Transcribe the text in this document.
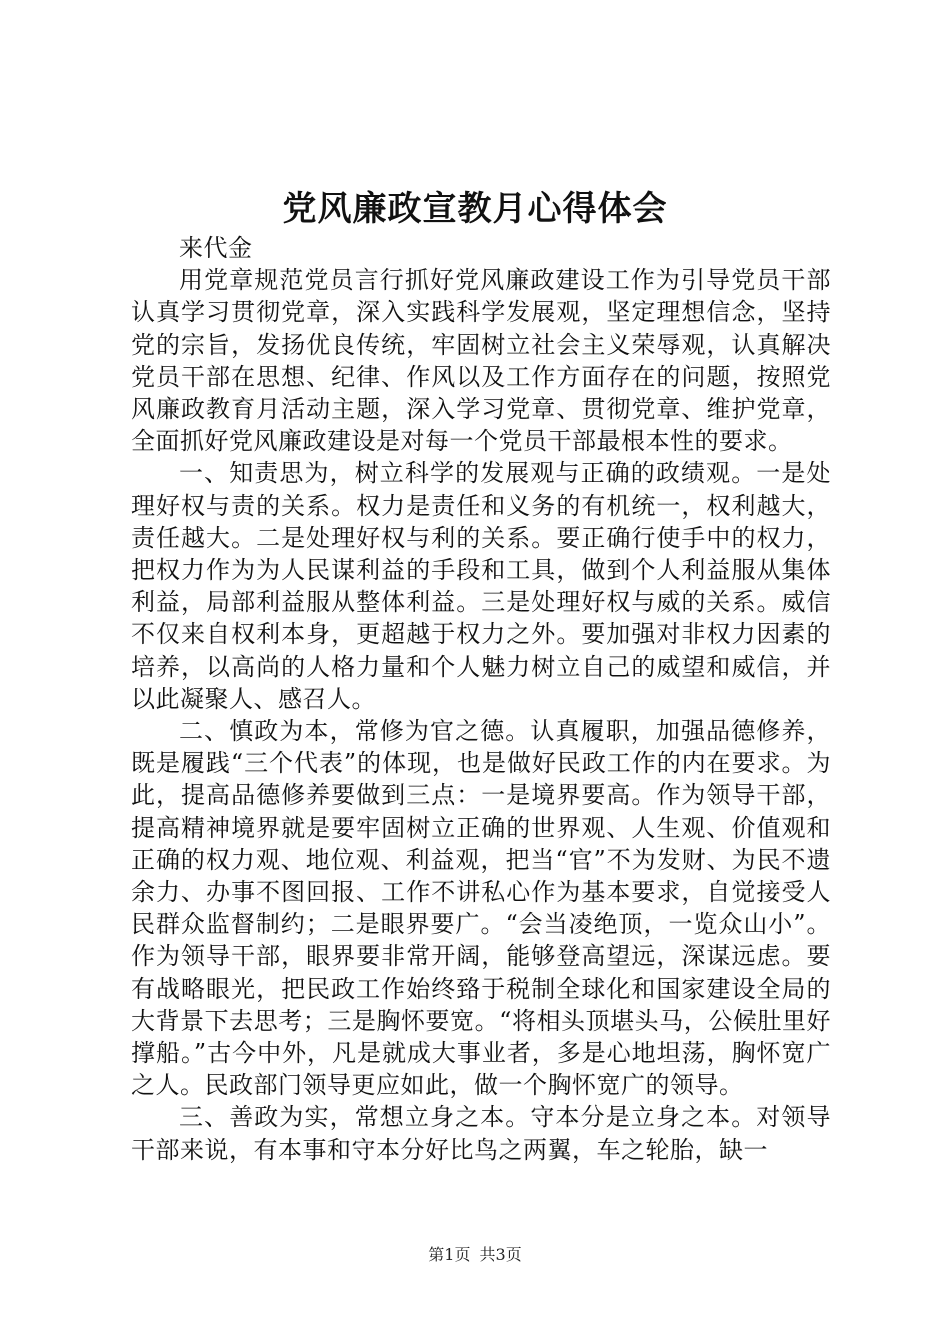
党风廉政宣教月心得体会
来代金

用党章规范党员言行抓好党风廉政建设工作为引导党员干部认真学习贯彻党章，深入实践科学发展观，坚定理想信念，坚持党的宗旨，发扬优良传统，牢固树立社会主义荣辱观，认真解决党员干部在思想、纪律、作风以及工作方面存在的问题，按照党风廉政教育月活动主题，深入学习党章、贯彻党章、维护党章，全面抓好党风廉政建设是对每一个党员干部最根本性的要求。

一、知责思为，树立科学的发展观与正确的政绩观。一是处理好权与责的关系。权力是责任和义务的有机统一，权利越大，责任越大。二是处理好权与利的关系。要正确行使手中的权力，把权力作为为人民谋利益的手段和工具，做到个人利益服从集体利益，局部利益服从整体利益。三是处理好权与威的关系。威信不仅来自权利本身，更超越于权力之外。要加强对非权力因素的培养，以高尚的人格力量和个人魅力树立自己的威望和威信，并以此凝聚人、感召人。

二、慎政为本，常修为官之德。认真履职，加强品德修养，既是履践“三个代表”的体现，也是做好民政工作的内在要求。为此，提高品德修养要做到三点：一是境界要高。作为领导干部，提高精神境界就是要牢固树立正确的世界观、人生观、价值观和正确的权力观、地位观、利益观，把当“官”不为发财、为民不遗余力、办事不图回报、工作不讲私心作为基本要求，自觉接受人民群众监督制约；二是眼界要广。“会当凌绝顶，一览众山小”。作为领导干部，眼界要非常开阔，能够登高望远，深谋远虑。要有战略眼光，把民政工作始终臵于税制全球化和国家建设全局的大背景下去思考；三是胸怀要宽。“将相头顶堪头马，公候肚里好撑船。”古今中外，凡是就成大事业者，多是心地坦荡，胸怀宽广之人。民政部门领导更应如此，做一个胸怀宽广的领导。

三、善政为实，常想立身之本。守本分是立身之本。对领导干部来说，有本事和守本分好比鸟之两翼，车之轮胎，缺一

第1页 共3页
